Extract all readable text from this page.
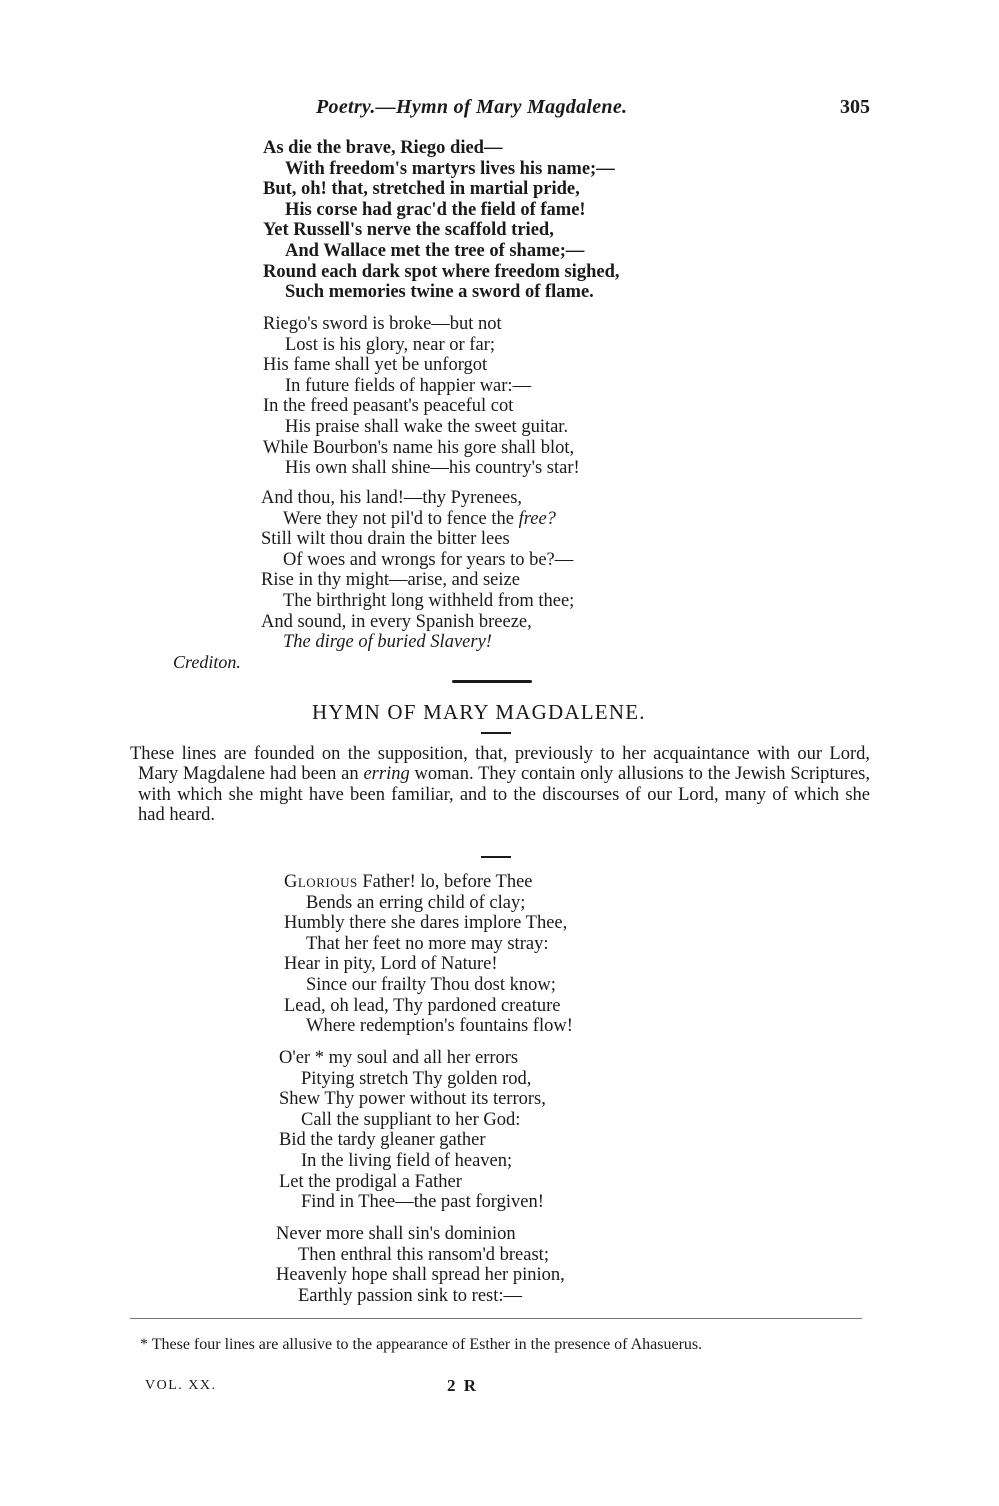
Poetry.—Hymn of Mary Magdalene.	305
As die the brave, Riego died—
With freedom's martyrs lives his name;—
But, oh! that, stretched in martial pride,
His corse had grac'd the field of fame!
Yet Russell's nerve the scaffold tried,
And Wallace met the tree of shame;—
Round each dark spot where freedom sighed,
Such memories twine a sword of flame.
Riego's sword is broke—but not
Lost is his glory, near or far;
His fame shall yet be unforgot
In future fields of happier war:—
In the freed peasant's peaceful cot
His praise shall wake the sweet guitar.
While Bourbon's name his gore shall blot,
His own shall shine—his country's star!
And thou, his land!—thy Pyrenees,
Were they not pil'd to fence the free?
Still wilt thou drain the bitter lees
Of woes and wrongs for years to be?—
Rise in thy might—arise, and seize
The birthright long withheld from thee;
And sound, in every Spanish breeze,
The dirge of buried Slavery!
Crediton.
HYMN OF MARY MAGDALENE.
These lines are founded on the supposition, that, previously to her acquaintance with our Lord, Mary Magdalene had been an erring woman. They contain only allusions to the Jewish Scriptures, with which she might have been familiar, and to the discourses of our Lord, many of which she had heard.
Glorious Father! lo, before Thee
Bends an erring child of clay;
Humbly there she dares implore Thee,
That her feet no more may stray:
Hear in pity, Lord of Nature!
Since our frailty Thou dost know;
Lead, oh lead, Thy pardoned creature
Where redemption's fountains flow!
O'er * my soul and all her errors
Pitying stretch Thy golden rod,
Shew Thy power without its terrors,
Call the suppliant to her God:
Bid the tardy gleaner gather
In the living field of heaven;
Let the prodigal a Father
Find in Thee—the past forgiven!
Never more shall sin's dominion
Then enthral this ransom'd breast;
Heavenly hope shall spread her pinion,
Earthly passion sink to rest:—
* These four lines are allusive to the appearance of Esther in the presence of Ahasuerus.
VOL. XX.	2 R
